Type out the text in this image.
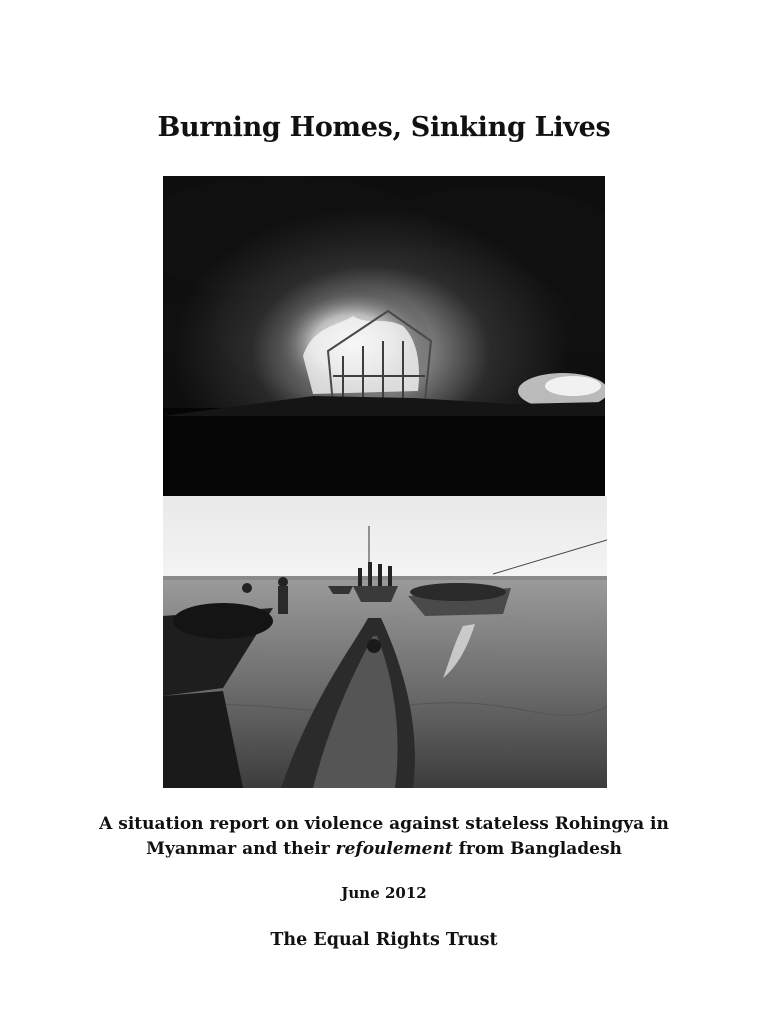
Burning Homes, Sinking Lives
A situation report on violence against stateless Rohingya in Myanmar and their refoulement from Bangladesh
June 2012
The Equal Rights Trust
